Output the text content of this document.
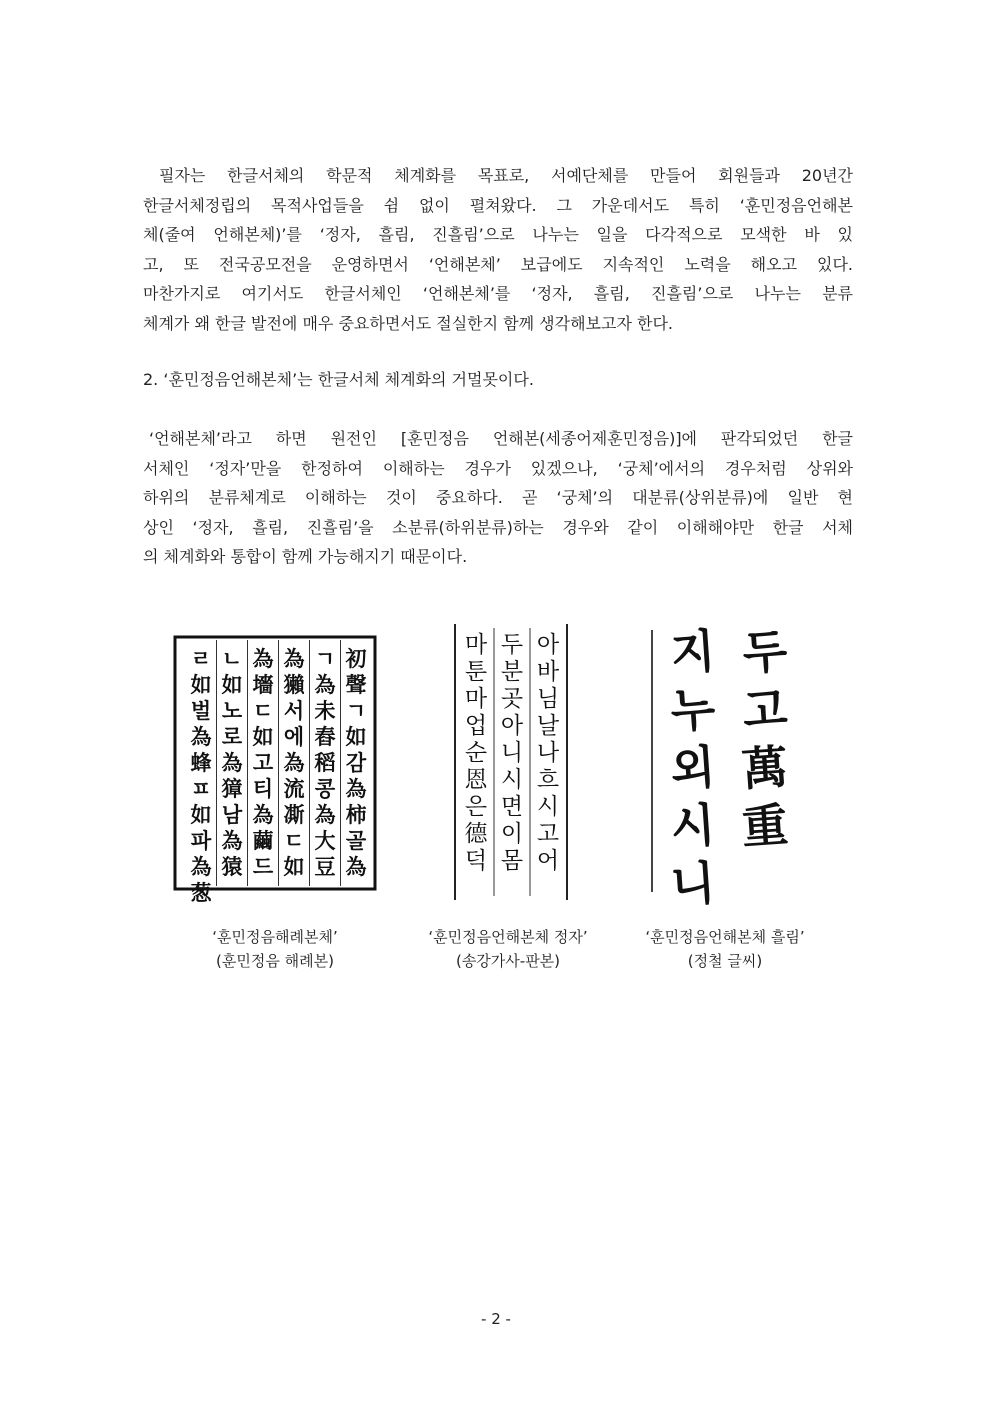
필자는 한글서체의 학문적 체계화를 목표로, 서예단체를 만들어 회원들과 20년간
한글서체정립의 목적사업들을 쉼 없이 펼쳐왔다. 그 가운데서도 특히 ‘훈민정음언해본
체(줄여 언해본체)’를 ‘정자, 흘림, 진흘림’으로 나누는 일을 다각적으로 모색한 바 있
고, 또 전국공모전을 운영하면서 ‘언해본체’ 보급에도 지속적인 노력을 해오고 있다.
마찬가지로 여기서도 한글서체인 ‘언해본체’를 ‘정자, 흘림, 진흘림’으로 나누는 분류
체계가 왜 한글 발전에 매우 중요하면서도 절실한지 함께 생각해보고자 한다.

2. ‘훈민정음언해본체’는 한글서체 체계화의 거멀못이다.

‘언해본체’라고 하면 원전인 [훈민정음 언해본(세종어제훈민정음)]에 판각되었던 한글
서체인 ‘정자’만을 한정하여 이해하는 경우가 있겠으나, ‘궁체’에서의 경우처럼 상위와
하위의 분류체계로 이해하는 것이 중요하다. 곧 ‘궁체’의 대분류(상위분류)에 일반 현
상인 ‘정자, 흘림, 진흘림’을 소분류(하위분류)하는 경우와 같이 이해해야만 한글 서체
의 체계화와 통합이 함께 가능해지기 때문이다.
初
聲
ㄱ
如
감
為
柿
골
為
ㄱ
為
未
舂
稻
콩
為
大
豆
為
獺
서
에
為
流
凘
ㄷ
如
為
墻
ㄷ
如
고
티
為
繭
드
ㄴ
如
노
로
為
獐
남
為
猿
ㄹ
如
벌
為
蜂
ㅍ
如
파
為
葱
‘훈민정음해례본체’
(훈민정음 해례본)
아
바
님
날
나
흐
시
고
어
두
분
곳
아
니
시
면
이
몸
마
툰
마
업
순
恩
은
德
덕
‘훈민정음언해본체 정자’
(송강가사-판본)
두
고
萬
重
지
누
외
시
니
‘훈민정음언해본체 흘림’
(정철 글씨)
- 2 -
